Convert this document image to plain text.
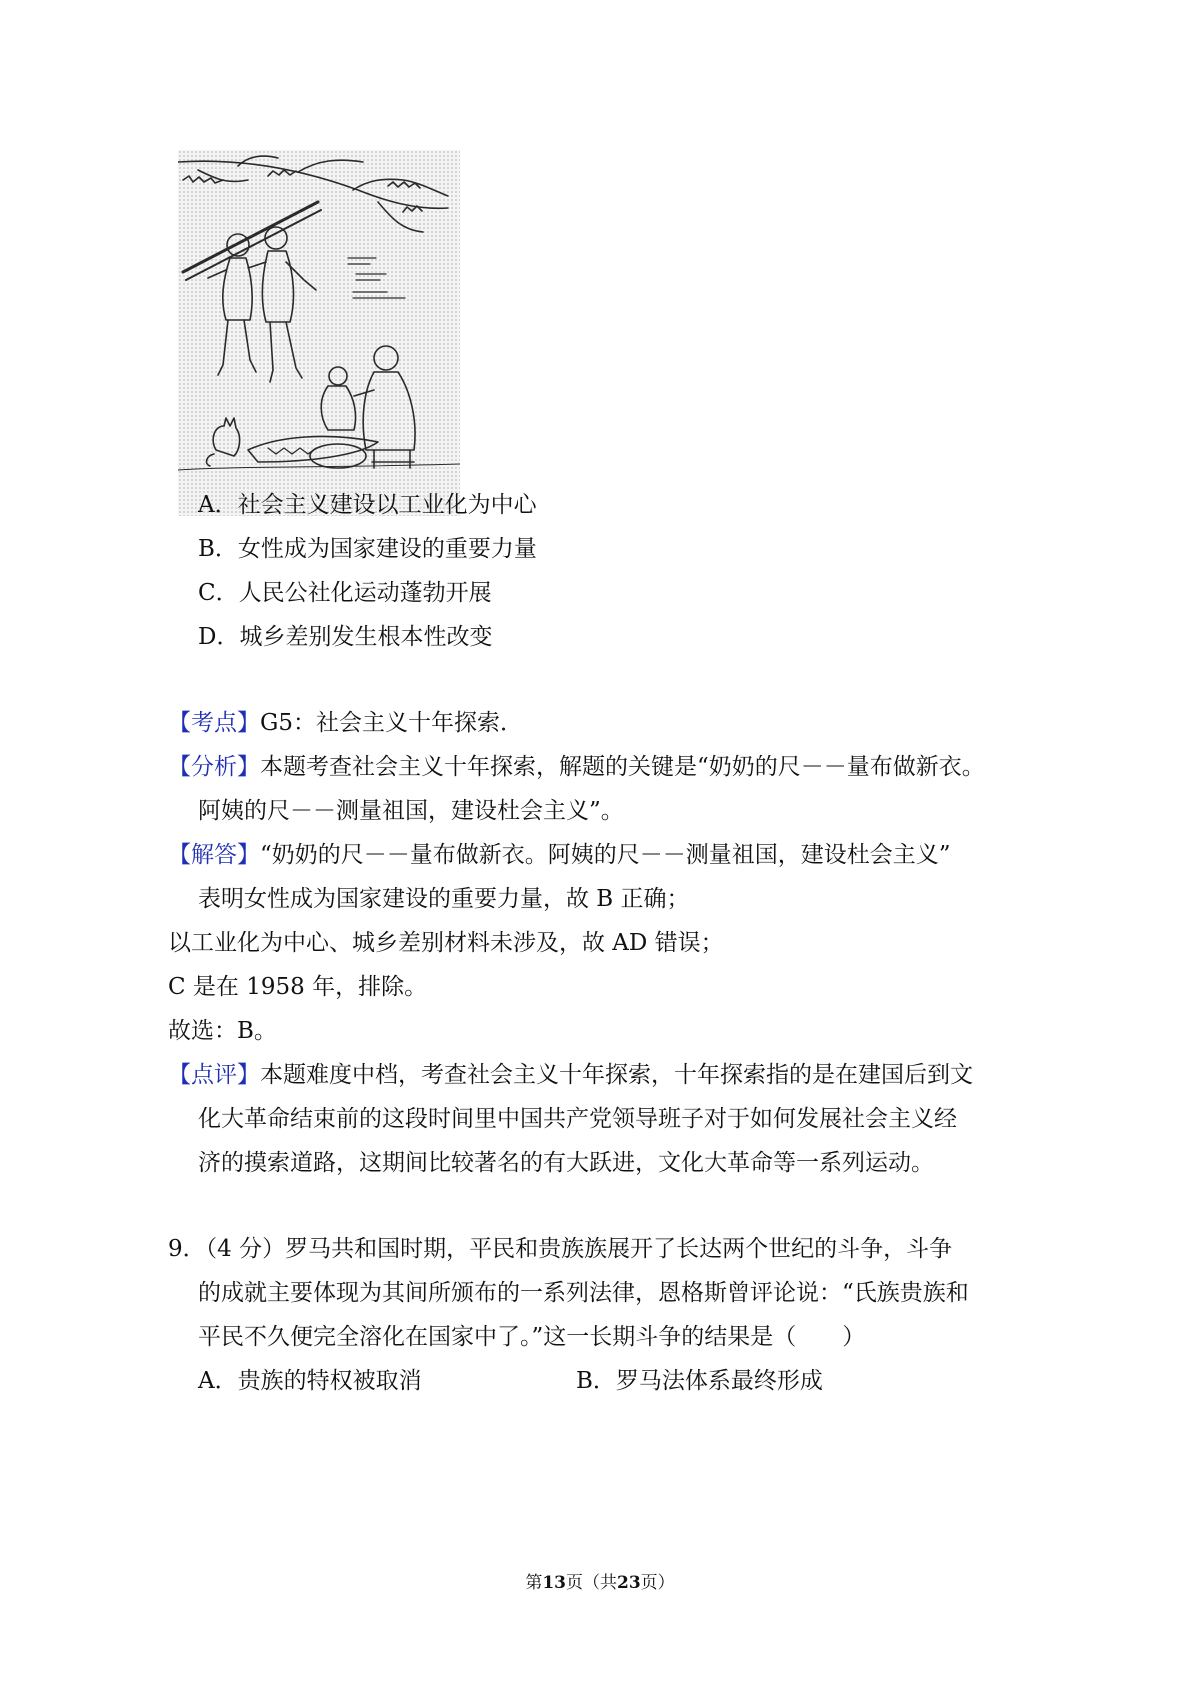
A．社会主义建设以工业化为中心
B．女性成为国家建设的重要力量
C．人民公社化运动蓬勃开展
D．城乡差别发生根本性改变
【考点】G5：社会主义十年探索．
【分析】本题考查社会主义十年探索，解题的关键是“奶奶的尺－－量布做新衣。
阿姨的尺－－测量祖国，建设杜会主义”。
【解答】“奶奶的尺－－量布做新衣。阿姨的尺－－测量祖国，建设杜会主义”
表明女性成为国家建设的重要力量，故 B 正确；
以工业化为中心、城乡差别材料未涉及，故 AD 错误；
C 是在 1958 年，排除。
故选：B。
【点评】本题难度中档，考查社会主义十年探索，十年探索指的是在建国后到文
化大革命结束前的这段时间里中国共产党领导班子对于如何发展社会主义经
济的摸索道路，这期间比较著名的有大跃进，文化大革命等一系列运动。
9．（4 分）罗马共和国时期，平民和贵族族展开了长达两个世纪的斗争，斗争
的成就主要体现为其间所颁布的一系列法律，恩格斯曾评论说：“氏族贵族和
平民不久便完全溶化在国家中了。”这一长期斗争的结果是（　　）
A．贵族的特权被取消	B．罗马法体系最终形成
第13页（共23页）
